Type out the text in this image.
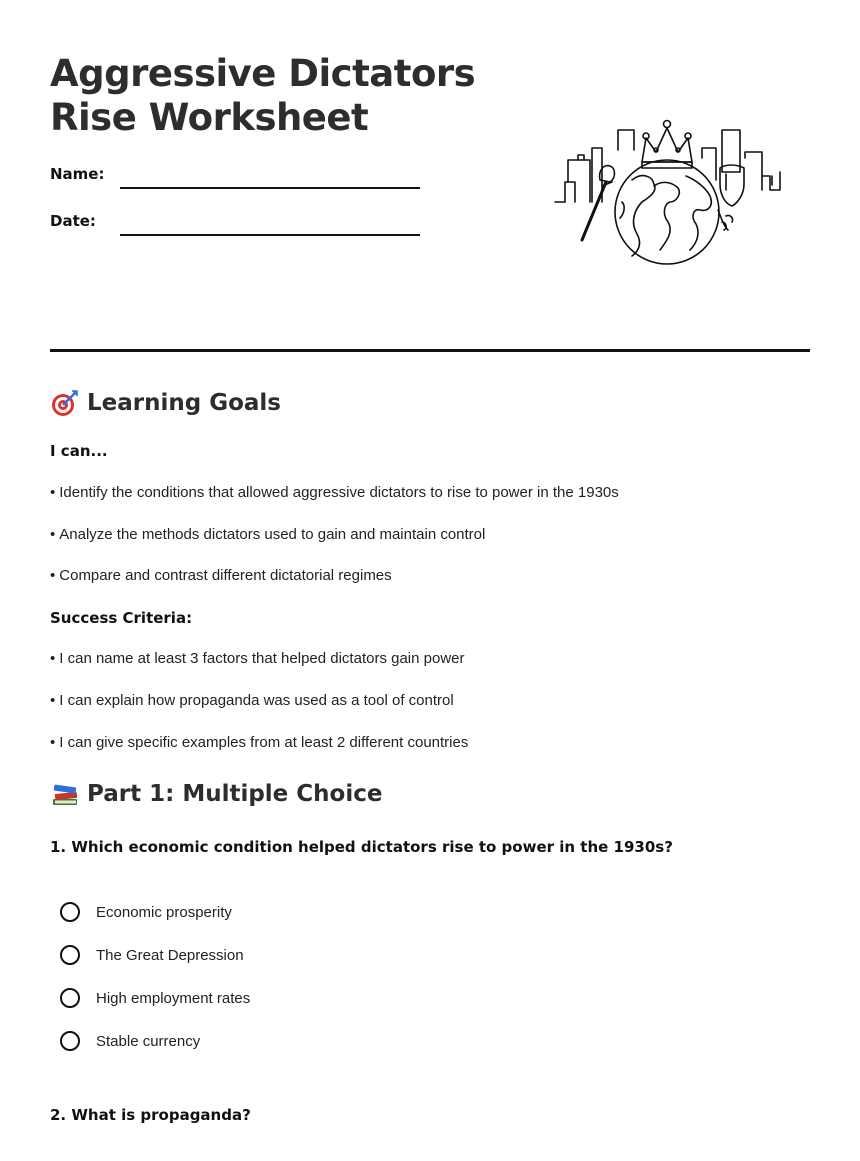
Aggressive Dictators
Rise Worksheet
Name:
Date:
Learning Goals
I can...
• Identify the conditions that allowed aggressive dictators to rise to power in the 1930s
• Analyze the methods dictators used to gain and maintain control
• Compare and contrast different dictatorial regimes
Success Criteria:
• I can name at least 3 factors that helped dictators gain power
• I can explain how propaganda was used as a tool of control
• I can give specific examples from at least 2 different countries
Part 1: Multiple Choice
1. Which economic condition helped dictators rise to power in the 1930s?
Economic prosperity
The Great Depression
High employment rates
Stable currency
2. What is propaganda?
